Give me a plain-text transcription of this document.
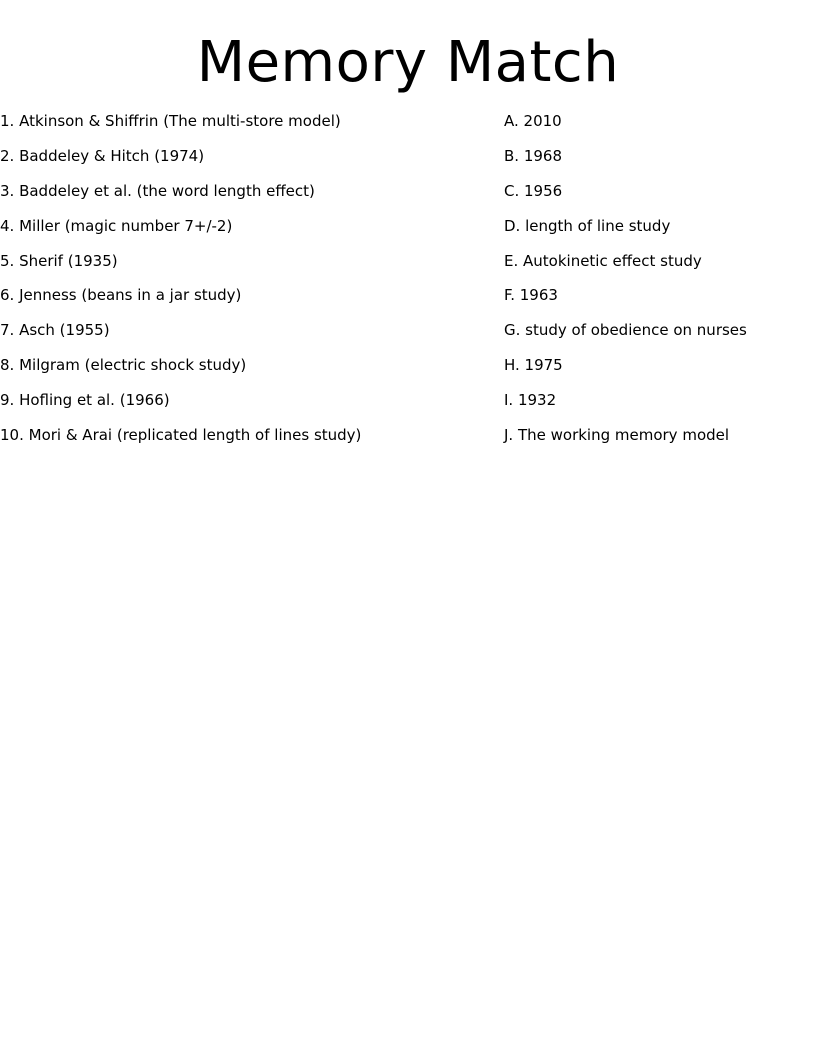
Memory Match
1. Atkinson & Shiffrin (The multi-store model)
2. Baddeley & Hitch (1974)
3. Baddeley et al. (the word length effect)
4. Miller (magic number 7+/-2)
5. Sherif (1935)
6. Jenness (beans in a jar study)
7. Asch (1955)
8. Milgram (electric shock study)
9. Hofling et al. (1966)
10. Mori & Arai (replicated length of lines study)
A. 2010
B. 1968
C. 1956
D. length of line study
E. Autokinetic effect study
F. 1963
G. study of obedience on nurses
H. 1975
I. 1932
J. The working memory model
